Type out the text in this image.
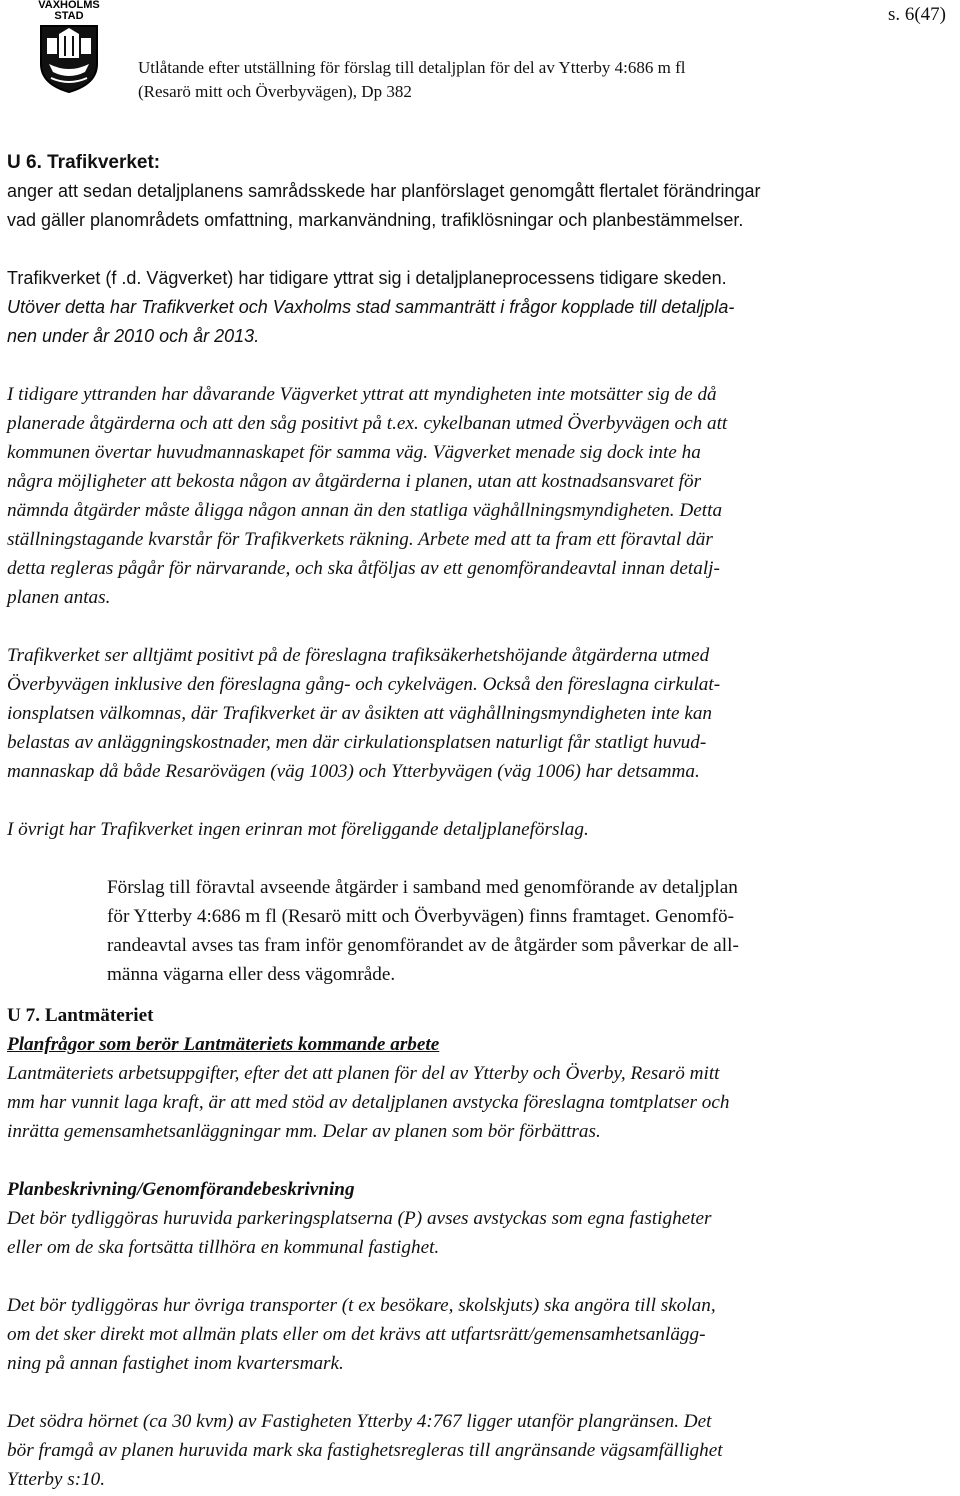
VAXHOLMS
STAD	s. 6(47)
Utlåtande efter utställning för förslag till detaljplan för del av Ytterby 4:686 m fl
(Resarö mitt och Överbyvägen), Dp 382
U 6. Trafikverket:
anger att sedan detaljplanens samrådsskede har planförslaget genomgått flertalet förändringar
vad gäller planområdets omfattning, markanvändning, trafiklösningar och planbestämmelser.
Trafikverket (f .d. Vägverket) har tidigare yttrat sig i detaljplaneprocessens tidigare skeden.
Utöver detta har Trafikverket och Vaxholms stad sammanträtt i frågor kopplade till detaljpla-
nen under år 2010 och år 2013.
I tidigare yttranden har dåvarande Vägverket yttrat att myndigheten inte motsätter sig de då
planerade åtgärderna och att den såg positivt på t.ex. cykelbanan utmed Överbyvägen och att
kommunen övertar huvudmannaskapet för samma väg. Vägverket menade sig dock inte ha
några möjligheter att bekosta någon av åtgärderna i planen, utan att kostnadsansvaret för
nämnda åtgärder måste åligga någon annan än den statliga väghållningsmyndigheten. Detta
ställningstagande kvarstår för Trafikverkets räkning. Arbete med att ta fram ett föravtal där
detta regleras pågår för närvarande, och ska åtföljas av ett genomförandeavtal innan detalj-
planen antas.
Trafikverket ser alltjämt positivt på de föreslagna trafiksäkerhetshöjande åtgärderna utmed
Överbyvägen inklusive den föreslagna gång- och cykelvägen. Också den föreslagna cirkulat-
ionsplatsen välkomnas, där Trafikverket är av åsikten att väghållningsmyndigheten inte kan
belastas av anläggningskostnader, men där cirkulationsplatsen naturligt får statligt huvud-
mannaskap då både Resarövägen (väg 1003) och Ytterbyvägen (väg 1006) har detsamma.
I övrigt har Trafikverket ingen erinran mot föreliggande detaljplaneförslag.
Förslag till föravtal avseende åtgärder i samband med genomförande av detaljplan
för Ytterby 4:686 m fl (Resarö mitt och Överbyvägen) finns framtaget. Genomfö-
randeavtal avses tas fram inför genomförandet av de åtgärder som påverkar de all-
männa vägarna eller dess vägområde.
U 7. Lantmäteriet
Planfrågor som berör Lantmäteriets kommande arbete
Lantmäteriets arbetsuppgifter, efter det att planen för del av Ytterby och Överby, Resarö mitt
mm har vunnit laga kraft, är att med stöd av detaljplanen avstycka föreslagna tomtplatser och
inrätta gemensamhetsanläggningar mm. Delar av planen som bör förbättras.
Planbeskrivning/Genomförandebeskrivning
Det bör tydliggöras huruvida parkeringsplatserna (P) avses avstyckas som egna fastigheter
eller om de ska fortsätta tillhöra en kommunal fastighet.
Det bör tydliggöras hur övriga transporter (t ex besökare, skolskjuts) ska angöra till skolan,
om det sker direkt mot allmän plats eller om det krävs att utfartsrätt/gemensamhetsanlägg-
ning på annan fastighet inom kvartersmark.
Det södra hörnet (ca 30 kvm) av Fastigheten Ytterby 4:767 ligger utanför plangränsen. Det
bör framgå av planen huruvida mark ska fastighetsregleras till angränsande vägsamfällighet
Ytterby s:10.
